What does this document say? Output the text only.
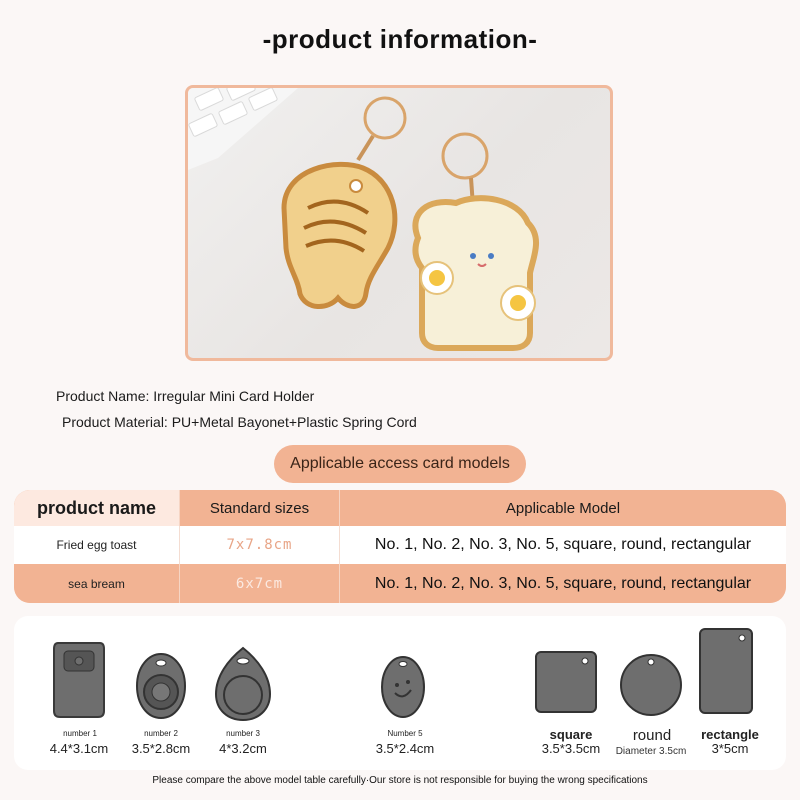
-product information-
Product Name: Irregular Mini Card Holder
Product Material: PU+Metal Bayonet+Plastic Spring Cord
Applicable access card models
product name	Standard sizes	Applicable Model
Fried egg toast	7x7.8cm	No. 1, No. 2, No. 3, No. 5, square, round, rectangular
sea bream	6x7cm	No. 1, No. 2, No. 3, No. 5, square, round, rectangular
number 1
4.4*3.1cm
number 2
3.5*2.8cm
number 3
4*3.2cm
Number 5
3.5*2.4cm
square
3.5*3.5cm
round
Diameter 3.5cm
rectangle
3*5cm
Please compare the above model table carefully·Our store is not responsible for buying the wrong specifications
